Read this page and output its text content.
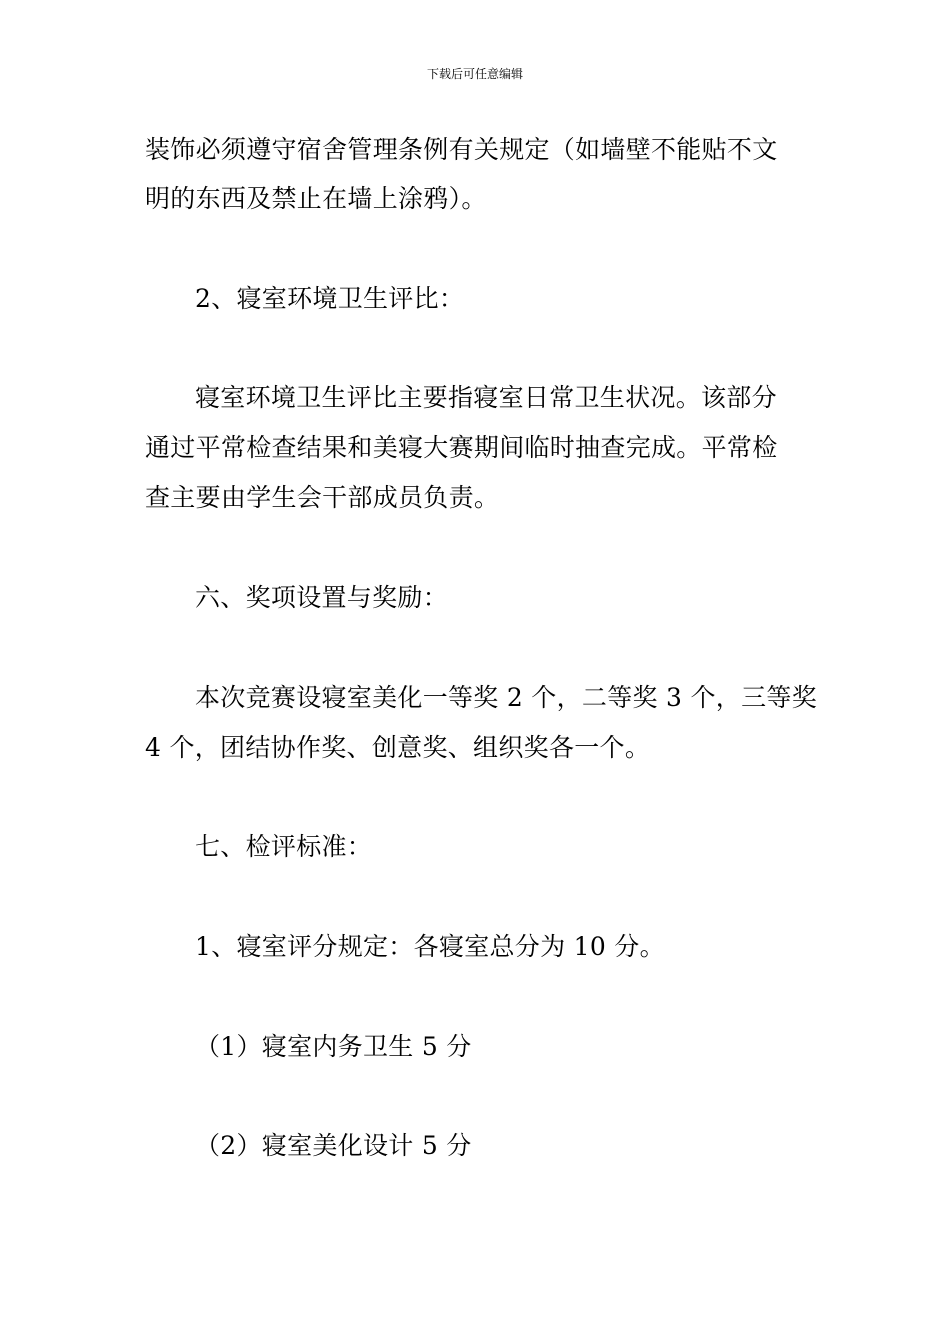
下载后可任意编辑
装饰必须遵守宿舍管理条例有关规定（如墙壁不能贴不文
明的东西及禁止在墙上涂鸦）。
2、寝室环境卫生评比：
寝室环境卫生评比主要指寝室日常卫生状况。该部分
通过平常检查结果和美寝大赛期间临时抽查完成。平常检
查主要由学生会干部成员负责。
六、奖项设置与奖励：
本次竞赛设寝室美化一等奖 2 个，二等奖 3 个，三等奖
4 个，团结协作奖、创意奖、组织奖各一个。
七、检评标准：
1、寝室评分规定：各寝室总分为 10 分。
（1）寝室内务卫生 5 分
（2）寝室美化设计 5 分
